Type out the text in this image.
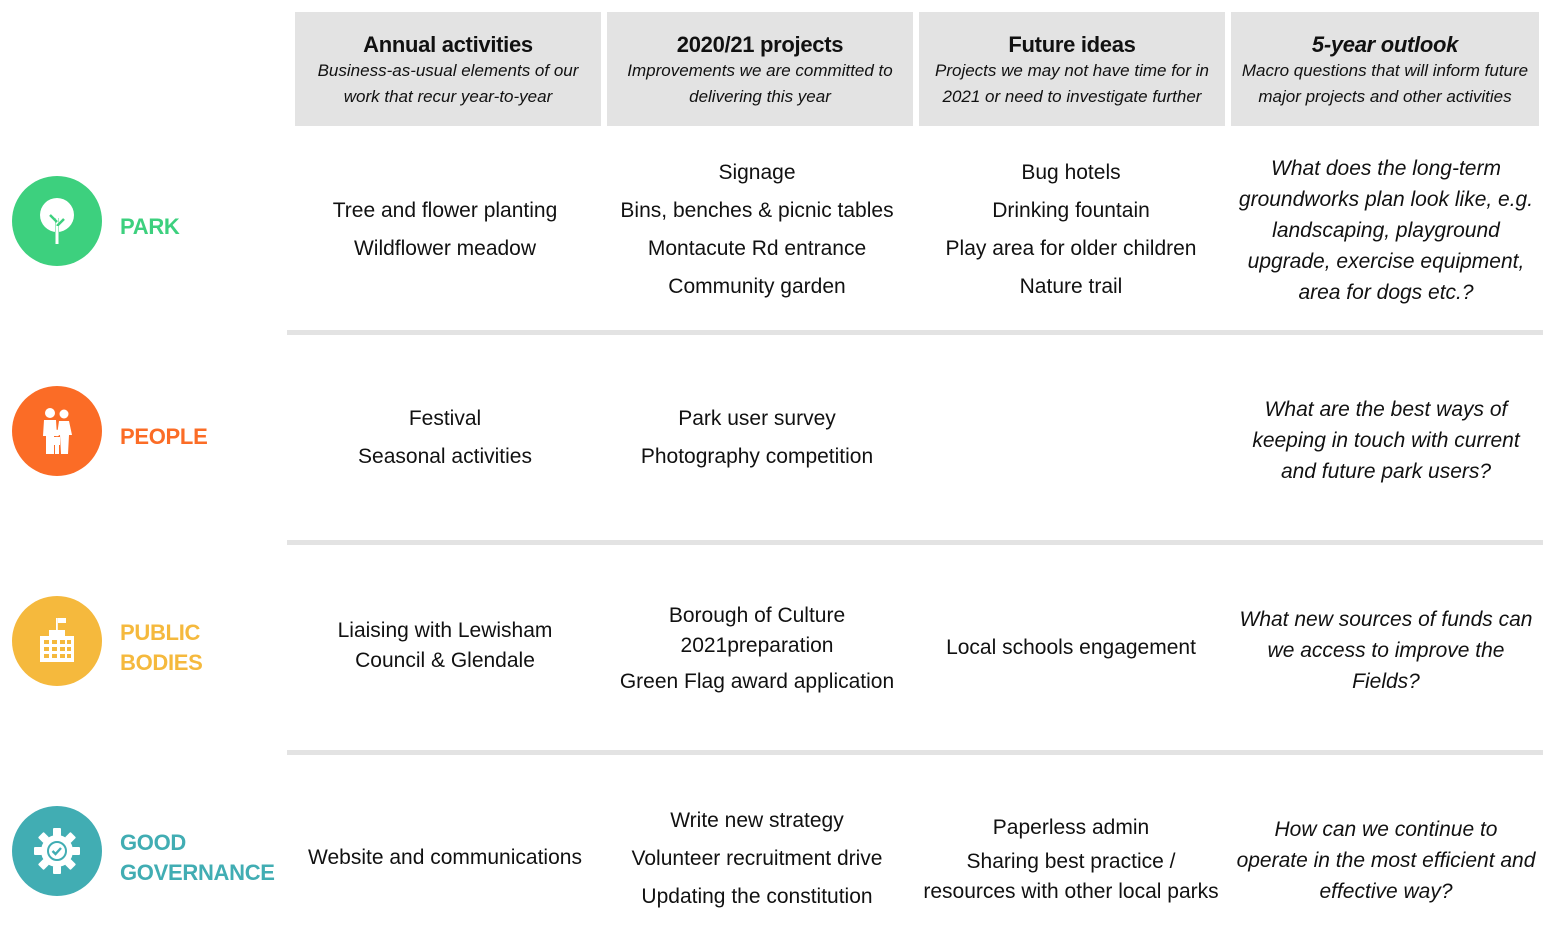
Annual activities
Business-as-usual elements of our work that recur year-to-year
2020/21 projects
Improvements we are committed to delivering this year
Future ideas
Projects we may not have time for in 2021 or need to investigate further
5-year outlook
Macro questions that will inform future major projects and other activities
PARK
Tree and flower planting
Wildflower meadow
Signage
Bins, benches & picnic tables
Montacute Rd entrance
Community garden
Bug hotels
Drinking fountain
Play area for older children
Nature trail
What does the long-term groundworks plan look like, e.g. landscaping, playground upgrade, exercise equipment, area for dogs etc.?
PEOPLE
Festival
Seasonal activities
Park user survey
Photography competition
What are the best ways of keeping in touch with current and future park users?
PUBLIC
BODIES
Liaising with Lewisham Council & Glendale
Borough of Culture 2021preparation
Green Flag award application
Local schools engagement
What new sources of funds can we access to improve the Fields?
GOOD
GOVERNANCE
Website and communications
Write new strategy
Volunteer recruitment drive
Updating the constitution
Paperless admin
Sharing best practice / resources with other local parks
How can we continue to operate in the most efficient and effective way?
